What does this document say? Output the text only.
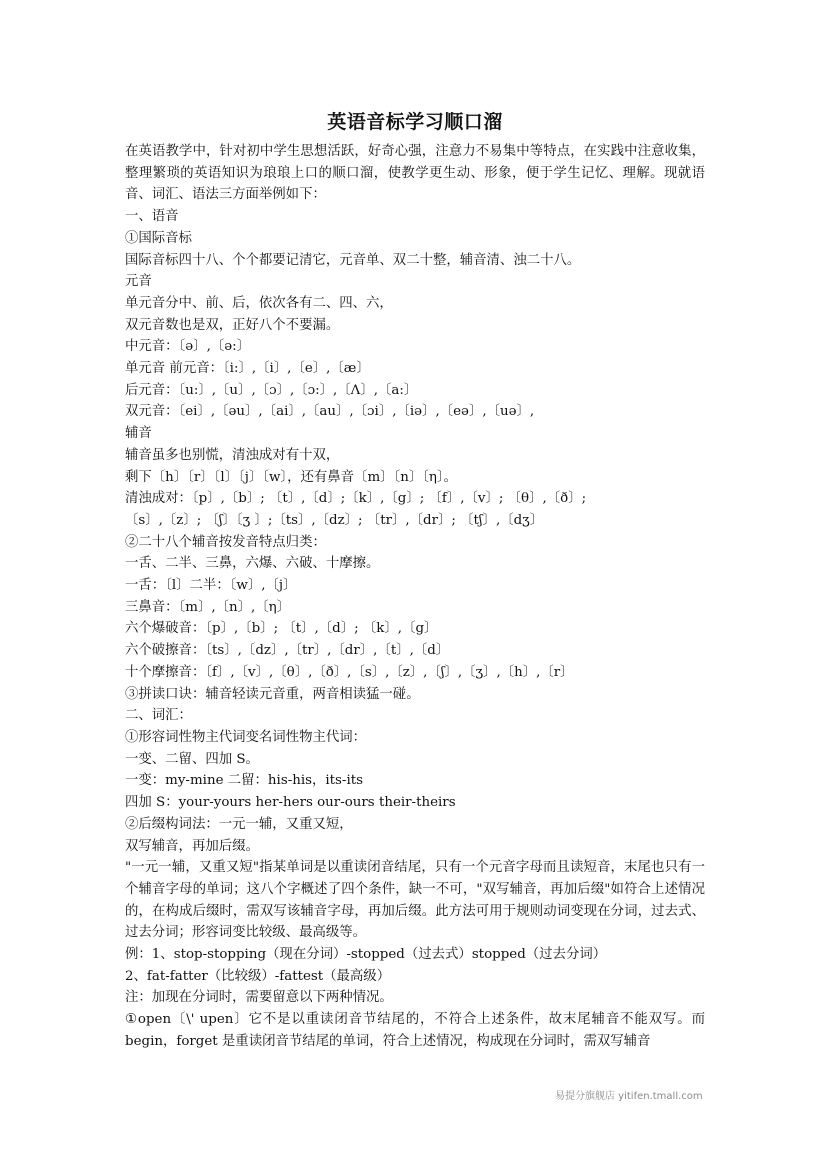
英语音标学习顺口溜

在英语教学中，针对初中学生思想活跃，好奇心强，注意力不易集中等特点，在实践中注意收集，整理繁琐的英语知识为琅琅上口的顺口溜，使教学更生动、形象，便于学生记忆、理解。现就语音、词汇、语法三方面举例如下：

一、语音
①国际音标
国际音标四十八、个个都要记清它，元音单、双二十整，辅音清、浊二十八。
元音
单元音分中、前、后，依次各有二、四、六，
双元音数也是双，正好八个不要漏。
中元音：〔ə〕,〔ə:〕
单元音 前元音：〔i:〕,〔i〕,〔e〕,〔æ〕
后元音：〔u:〕,〔u〕,〔ɔ〕,〔ɔ:〕,〔Λ〕,〔a:〕
双元音：〔ei〕,〔əu〕,〔ai〕,〔au〕,〔ɔi〕,〔iə〕,〔eə〕,〔uə〕,
辅音
辅音虽多也别慌，清浊成对有十双，
剩下〔h〕〔r〕〔l〕〔j〕〔w〕，还有鼻音〔m〕〔n〕〔η〕。
清浊成对：〔p〕,〔b〕; 〔t〕,〔d〕;〔k〕,〔g〕; 〔f〕,〔v〕; 〔θ〕,〔ð〕;
〔s〕,〔z〕; 〔ʃ〕〔ʒ 〕;〔ts〕,〔dz〕; 〔tr〕,〔dr〕; 〔tʃ〕,〔dʒ〕
②二十八个辅音按发音特点归类：
一舌、二半、三鼻，六爆、六破、十摩擦。
一舌：〔l〕二半：〔w〕,〔j〕
三鼻音：〔m〕,〔n〕,〔η〕
六个爆破音：〔p〕,〔b〕; 〔t〕,〔d〕; 〔k〕,〔g〕
六个破擦音：〔ts〕,〔dz〕,〔tr〕,〔dr〕,〔t〕,〔d〕
十个摩擦音：〔f〕,〔v〕,〔θ〕,〔ð〕,〔s〕,〔z〕,〔ʃ〕,〔ʒ〕,〔h〕,〔r〕
③拼读口诀：辅音轻读元音重，两音相读猛一碰。
二、词汇：
①形容词性物主代词变名词性物主代词：
一变、二留、四加 S。
一变：my-mine 二留：his-his，its-its
四加 S：your-yours her-hers our-ours their-theirs
②后缀构词法：一元一辅，又重又短，
双写辅音，再加后缀。

"一元一辅，又重又短"指某单词是以重读闭音结尾，只有一个元音字母而且读短音，末尾也只有一个辅音字母的单词；这八个字概述了四个条件，缺一不可，"双写辅音，再加后缀"如符合上述情况的，在构成后缀时，需双写该辅音字母，再加后缀。此方法可用于规则动词变现在分词，过去式、过去分词；形容词变比较级、最高级等。

例：1、stop-stopping（现在分词）-stopped（过去式）stopped（过去分词）
2、fat-fatter（比较级）-fattest（最高级）
注：加现在分词时，需要留意以下两种情况。

①open〔\' upen〕它不是以重读闭音节结尾的，不符合上述条件，故末尾辅音不能双写。而begin，forget 是重读闭音节结尾的单词，符合上述情况，构成现在分词时，需双写辅音

易提分旗舰店 yitifen.tmall.com
